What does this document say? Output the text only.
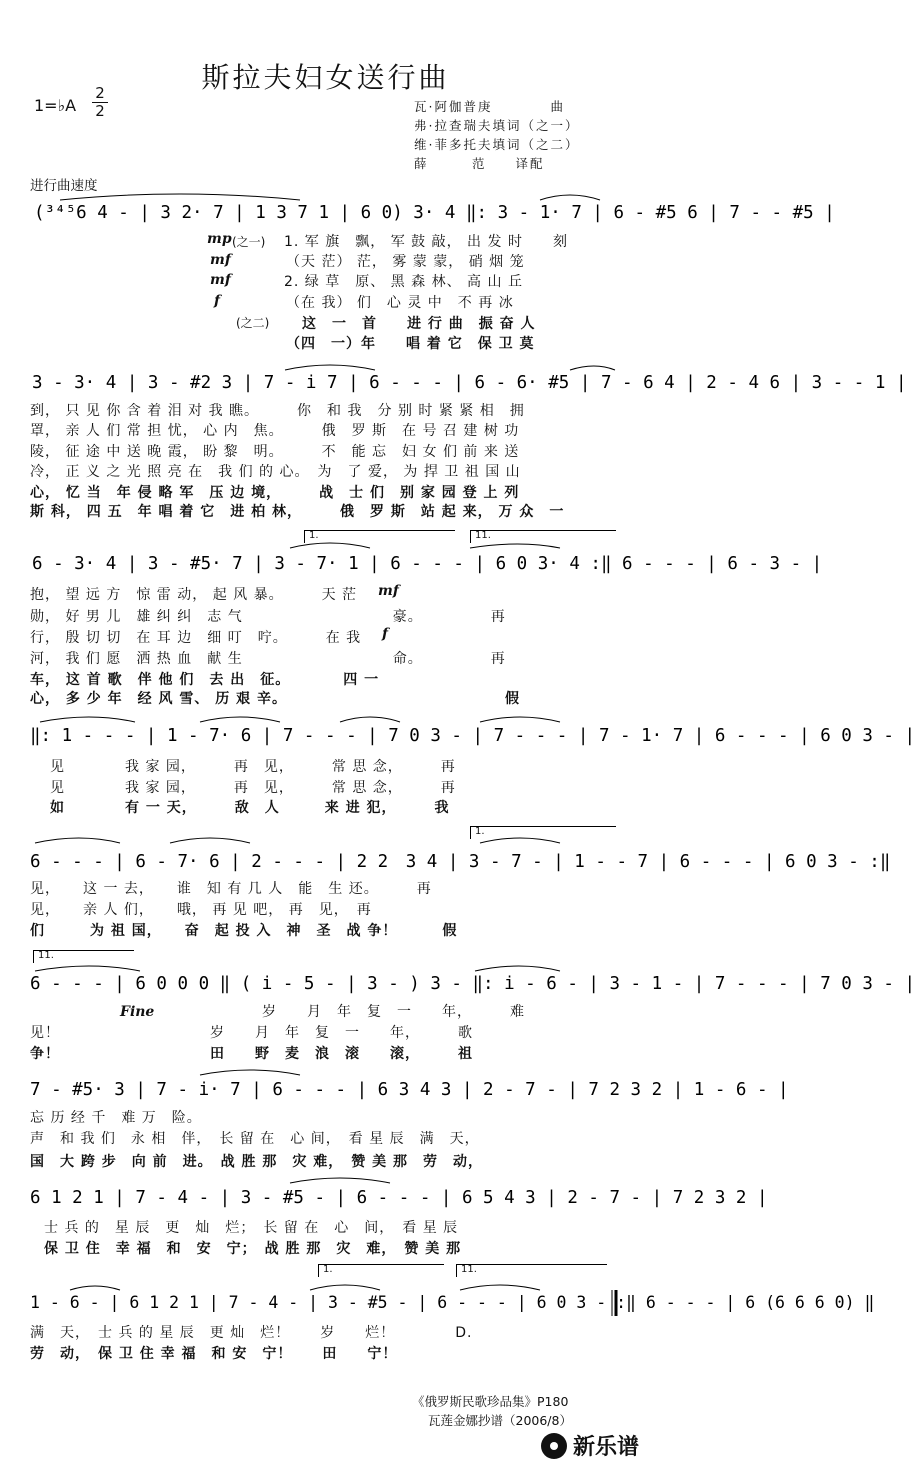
斯拉夫妇女送行曲
1=♭A
2
2	瓦·阿伽普庚　　　　曲
弗·拉查瑞夫填词（之一）
维·菲多托夫填词（之二）
薛　　　范　　译配
进行曲速度
(³⁴⁵6 4 - | 3 2· 7 | 1 3 7 1 | 6 0) 3· 4 ‖: 3 - 1· 7 | 6 - #5 6 | 7 - - #5 |
mp (之一)
mf
mf
f
(之二)
1. 军 旗　飘， 军 鼓 敲， 出 发 时　　刻
（天 茫） 茫， 雾 蒙 蒙， 硝 烟 笼
2. 绿 草　原、 黑 森 林、 高 山 丘
（在 我） 们　心 灵 中　不 再 冰
这　一　首　　进 行 曲　振 奋 人
（四　一）年　　唱 着 它　保 卫 莫
3 - 3· 4 | 3 - #2 3 | 7 - i 7 | 6 - - - | 6 - 6· #5 | 7 - 6 4 | 2 - 4 6 | 3 - - 1 |
到， 只 见 你 含 着 泪 对 我 瞧。　　　你　和 我　分 别 时 紧 紧 相　拥
罩， 亲 人 们 常 担 忧， 心 内　焦。　　　俄　罗 斯　在 号 召 建 树 功
陵， 征 途 中 送 晚 霞， 盼 黎　明。　　　不　能 忘　妇 女 们 前 来 送
冷， 正 义 之 光 照 亮 在　我 们 的 心。　为　了 爱， 为 捍 卫 祖 国 山
心， 忆 当　年 侵 略 军　压 边 境，　　　战　士 们　别 家 园 登 上 列
斯 科， 四 五　年 唱 着 它　进 柏 林，　　　俄　罗 斯　站 起 来， 万 众　一
1.	11.
6 - 3· 4 | 3 - #5· 7 | 3 - 7· 1 | 6 - - - | 6 0 3· 4 :‖ 6 - - - | 6 - 3 - |
mf
f
抱， 望 远 方　惊 雷 动， 起 风 暴。　　　天 茫
勋， 好 男 儿　雄 纠 纠　志 气　　　　　　　　　　豪。　　　　　再
行， 殷 切 切　在 耳 边　细 叮　咛。　　　在 我
河， 我 们 愿　洒 热 血　献 生　　　　　　　　　　命。　　　　　再
车， 这 首 歌　伴 他 们　去 出　征。　　　　四 一
心， 多 少 年　经 风 雪、 历 艰 辛。　　　　　　　　　　　　　　　假
‖: 1 - - - | 1 - 7· 6 | 7 - - - | 7 0 3 - | 7 - - - | 7 - 1· 7 | 6 - - - | 6 0 3 - |
见　　　　我 家 园，　　　再　见，　　　常 思 念，　　　再
见　　　　我 家 园，　　　再　见，　　　常 思 念，　　　再
如　　　　有 一 天，　　　敌　人　　　来 进 犯，　　　我
1.
6 - - - | 6 - 7· 6 | 2 - - - | 2 2　3 4 | 3 - 7 - | 1 - - 7 | 6 - - - | 6 0 3 - :‖
见，　　这 一 去，　　谁　知 有 几 人　能　生 还。　　　再
见，　　亲 人 们，　　哦， 再 见 吧， 再　见，　再
们　　　为 祖 国，　　奋　起 投 入　神　圣　战 争！　　　假
11.
6 - - - | 6 0 0 0 ‖ ( i - 5 - | 3 - ) 3 - ‖: i - 6 - | 3 - 1 - | 7 - - - | 7 0 3 - |
Fine	岁　　月　年　复　一　　年，　　　难
见！　　　　　　　　　　岁　　月　年　复　一　　年，　　　歌
争！　　　　　　　　　　田　　野　麦　浪　滚　　滚，　　　祖
7 - #5· 3 | 7 - i· 7 | 6 - - - | 6 3 4 3 | 2 - 7 - | 7 2 3 2 | 1 - 6 - |
忘 历 经 千　难 万　险。
声　和 我 们　永 相　伴，　长 留 在　心 间，　看 星 辰　满　天，
国　大 跨 步　向 前　进。　战 胜 那　灾 难，　赞 美 那　劳　动，
6 1 2 1 | 7 - 4 - | 3 - #5 - | 6 - - - | 6 5 4 3 | 2 - 7 - | 7 2 3 2 |
士 兵 的　星 辰　更　灿　烂；　长 留 在　心　间，　看 星 辰
保 卫 住　幸 福　和　安　宁；　战 胜 那　灾　难，　赞 美 那
1.	11.
1 - 6 - | 6 1 2 1 | 7 - 4 - | 3 - #5 - | 6 - - - | 6 0 3 - :‖ 6 - - - | 6 (6 6 6 0) ‖
满　天，　士 兵 的 星 辰　更 灿　烂！　　岁　　烂！　　　　D.
劳　动，　保 卫 住 幸 福　和 安　宁！　　田　　宁！
《俄罗斯民歌珍品集》P180
瓦莲金娜抄谱（2006/8）
新乐谱
